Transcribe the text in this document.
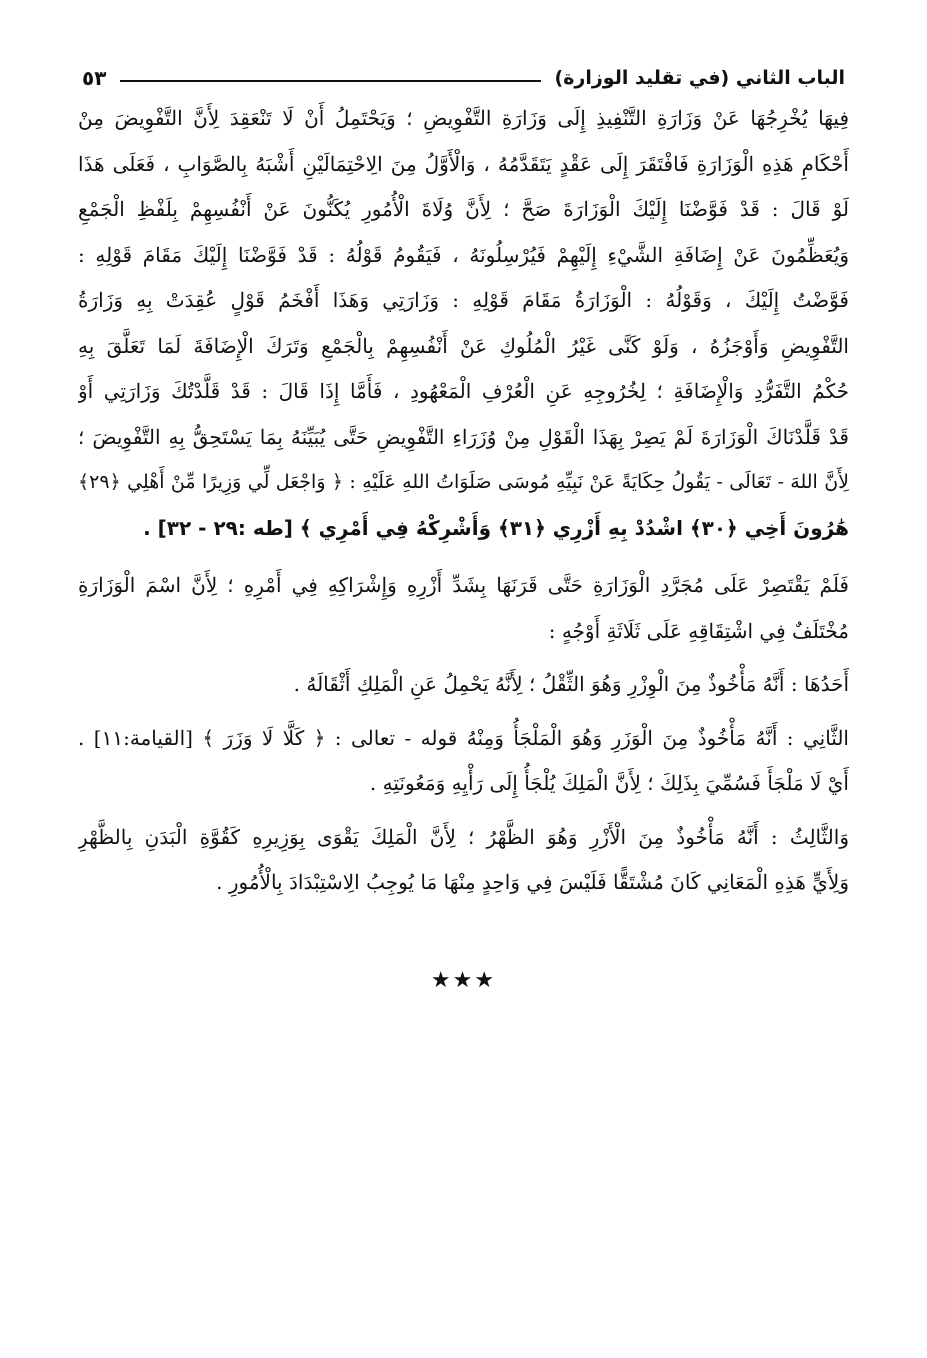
الباب الثاني (في تقليد الوزارة)
٥٣
فِيهَا يُخْرِجُهَا عَنْ وَزَارَةِ التَّنْفِيذِ إِلَى وَزَارَةِ التَّفْوِيضِ ؛ وَيَحْتَمِلُ أَنْ لَا تَنْعَقِدَ لِأَنَّ التَّفْوِيضَ مِنْ
أَحْكَامِ هَذِهِ الْوَزَارَةِ فَافْتَقَرَ إِلَى عَقْدٍ يَتَقَدَّمُهُ ، وَالْأَوَّلُ مِنَ الِاحْتِمَالَيْنِ أَشْبَهُ بِالصَّوَابِ ، فَعَلَى هَذَا
لَوْ قَالَ : قَدْ فَوَّضْنَا إِلَيْكَ الْوَزَارَةَ صَحَّ ؛ لِأَنَّ وُلَاةَ الْأُمُورِ يُكَنُّونَ عَنْ أَنْفُسِهِمْ بِلَفْظِ الْجَمْعِ
وَيُعَظِّمُونَ عَنْ إِضَافَةِ الشَّيْءِ إِلَيْهِمْ فَيُرْسِلُونَهُ ، فَيَقُومُ قَوْلُهُ : قَدْ فَوَّضْنَا إِلَيْكَ مَقَامَ قَوْلِهِ :
فَوَّضْتُ إِلَيْكَ ، وَقَوْلُهُ : الْوَزَارَةُ مَقَامَ قَوْلِهِ : وَزَارَتِي وَهَذَا أَفْخَمُ قَوْلٍ عُقِدَتْ بِهِ وَزَارَةُ
التَّفْوِيضِ وَأَوْجَزُهُ ، وَلَوْ كَنَّى غَيْرُ الْمُلُوكِ عَنْ أَنْفُسِهِمْ بِالْجَمْعِ وَتَرَكَ الْإِضَافَةَ لَمَا تَعَلَّقَ بِهِ
حُكْمُ التَّفَرُّدِ وَالْإِضَافَةِ ؛ لِخُرُوجِهِ عَنِ الْعُرْفِ الْمَعْهُودِ ، فَأَمَّا إِذَا قَالَ : قَدْ قَلَّدْتُكَ وَزَارَتِي أَوْ
قَدْ قَلَّدْنَاكَ الْوَزَارَةَ لَمْ يَصِرْ بِهَذَا الْقَوْلِ مِنْ وُزَرَاءِ التَّفْوِيضِ حَتَّى يُبَيِّنَهُ بِمَا يَسْتَحِقُّ بِهِ التَّفْوِيضَ ؛
لِأَنَّ اللهَ - تَعَالَى - يَقُولُ حِكَايَةً عَنْ نَبِيِّهِ مُوسَى صَلَوَاتُ اللهِ عَلَيْهِ : ﴿ وَاجْعَل لِّي وَزِيرًا مِّنْ أَهْلِي ﴿٢٩﴾
هَٰرُونَ أَخِي ﴿٣٠﴾ اشْدُدْ بِهِ أَزْرِي ﴿٣١﴾ وَأَشْرِكْهُ فِي أَمْرِي ﴾ [طه :٢٩ - ٣٢] .
فَلَمْ يَقْتَصِرْ عَلَى مُجَرَّدِ الْوَزَارَةِ حَتَّى قَرَنَهَا بِشَدِّ أَزْرِهِ وَإِشْرَاكِهِ فِي أَمْرِهِ ؛ لِأَنَّ اسْمَ الْوَزَارَةِ
مُخْتَلَفٌ فِي اشْتِقَاقِهِ عَلَى ثَلَاثَةِ أَوْجُهٍ :
أَحَدُهَا : أَنَّهُ مَأْخُوذٌ مِنَ الْوِزْرِ وَهُوَ الثِّقْلُ ؛ لِأَنَّهُ يَحْمِلُ عَنِ الْمَلِكِ أَثْقَالَهُ .
الثَّانِي : أَنَّهُ مَأْخُوذٌ مِنَ الْوَزَرِ وَهُوَ الْمَلْجَأُ وَمِنْهُ قوله - تعالى : ﴿ كَلَّا لَا وَزَرَ ﴾ [القيامة:١١] .
أَيْ لَا مَلْجَأَ فَسُمِّيَ بِذَلِكَ ؛ لِأَنَّ الْمَلِكَ يُلْجَأُ إِلَى رَأْيِهِ وَمَعُونَتِهِ .
وَالثَّالِثُ : أَنَّهُ مَأْخُوذٌ مِنَ الْأَزْرِ وَهُوَ الظَّهْرُ ؛ لِأَنَّ الْمَلِكَ يَقْوَى بِوَزِيرِهِ كَقُوَّةِ الْبَدَنِ بِالظَّهْرِ
وَلِأَيٍّ هَذِهِ الْمَعَانِي كَانَ مُشْتَقًّا فَلَيْسَ فِي وَاحِدٍ مِنْهَا مَا يُوجِبُ الِاسْتِبْدَادَ بِالْأُمُورِ .
★★★
